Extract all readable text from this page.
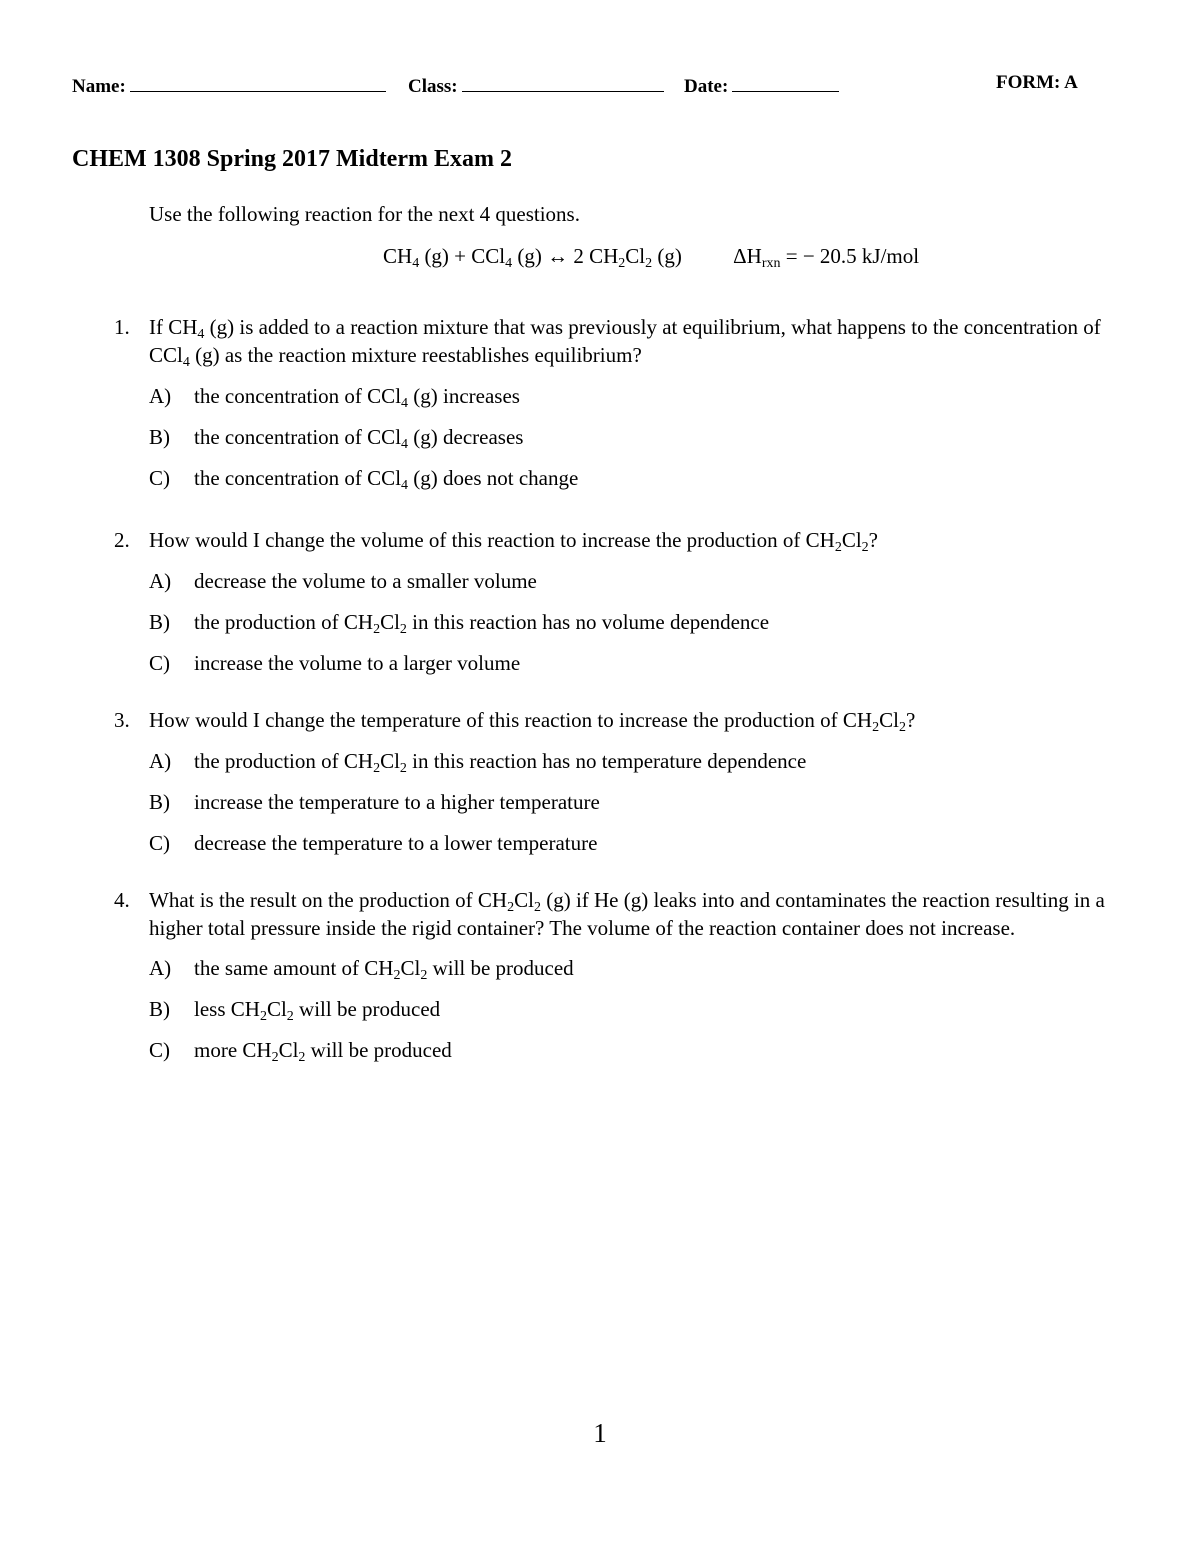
Name:	Class:	Date:	FORM: A
CHEM 1308 Spring 2017 Midterm Exam 2
Use the following reaction for the next 4 questions.
$CH_4$ (g) + CCl$_4$ (g) ↔ 2 $CH_2Cl_2$ (g) $\Delta H_{rxn}$ = − 20.5 kJ/mol
1. If $CH_4$ (g) is added to a reaction mixture that was previously at equilibrium, what happens to the concentration of CCl$_4$ (g) as the reaction mixture reestablishes equilibrium?
A) the concentration of CCl$_4$ (g) increases
B) the concentration of CCl$_4$ (g) decreases
C) the concentration of CCl$_4$ (g) does not change
2. How would I change the volume of this reaction to increase the production of $CH_2Cl_2$?
A) decrease the volume to a smaller volume
B) the production of $CH_2Cl_2$ in this reaction has no volume dependence
C) increase the volume to a larger volume
3. How would I change the temperature of this reaction to increase the production of $CH_2Cl_2$?
A) the production of $CH_2Cl_2$ in this reaction has no temperature dependence
B) increase the temperature to a higher temperature
C) decrease the temperature to a lower temperature
4. What is the result on the production of $CH_2Cl_2$ (g) if He (g) leaks into and contaminates the reaction resulting in a higher total pressure inside the rigid container? The volume of the reaction container does not increase.
A) the same amount of $CH_2Cl_2$ will be produced
B) less $CH_2Cl_2$ will be produced
C) more $CH_2Cl_2$ will be produced
1
